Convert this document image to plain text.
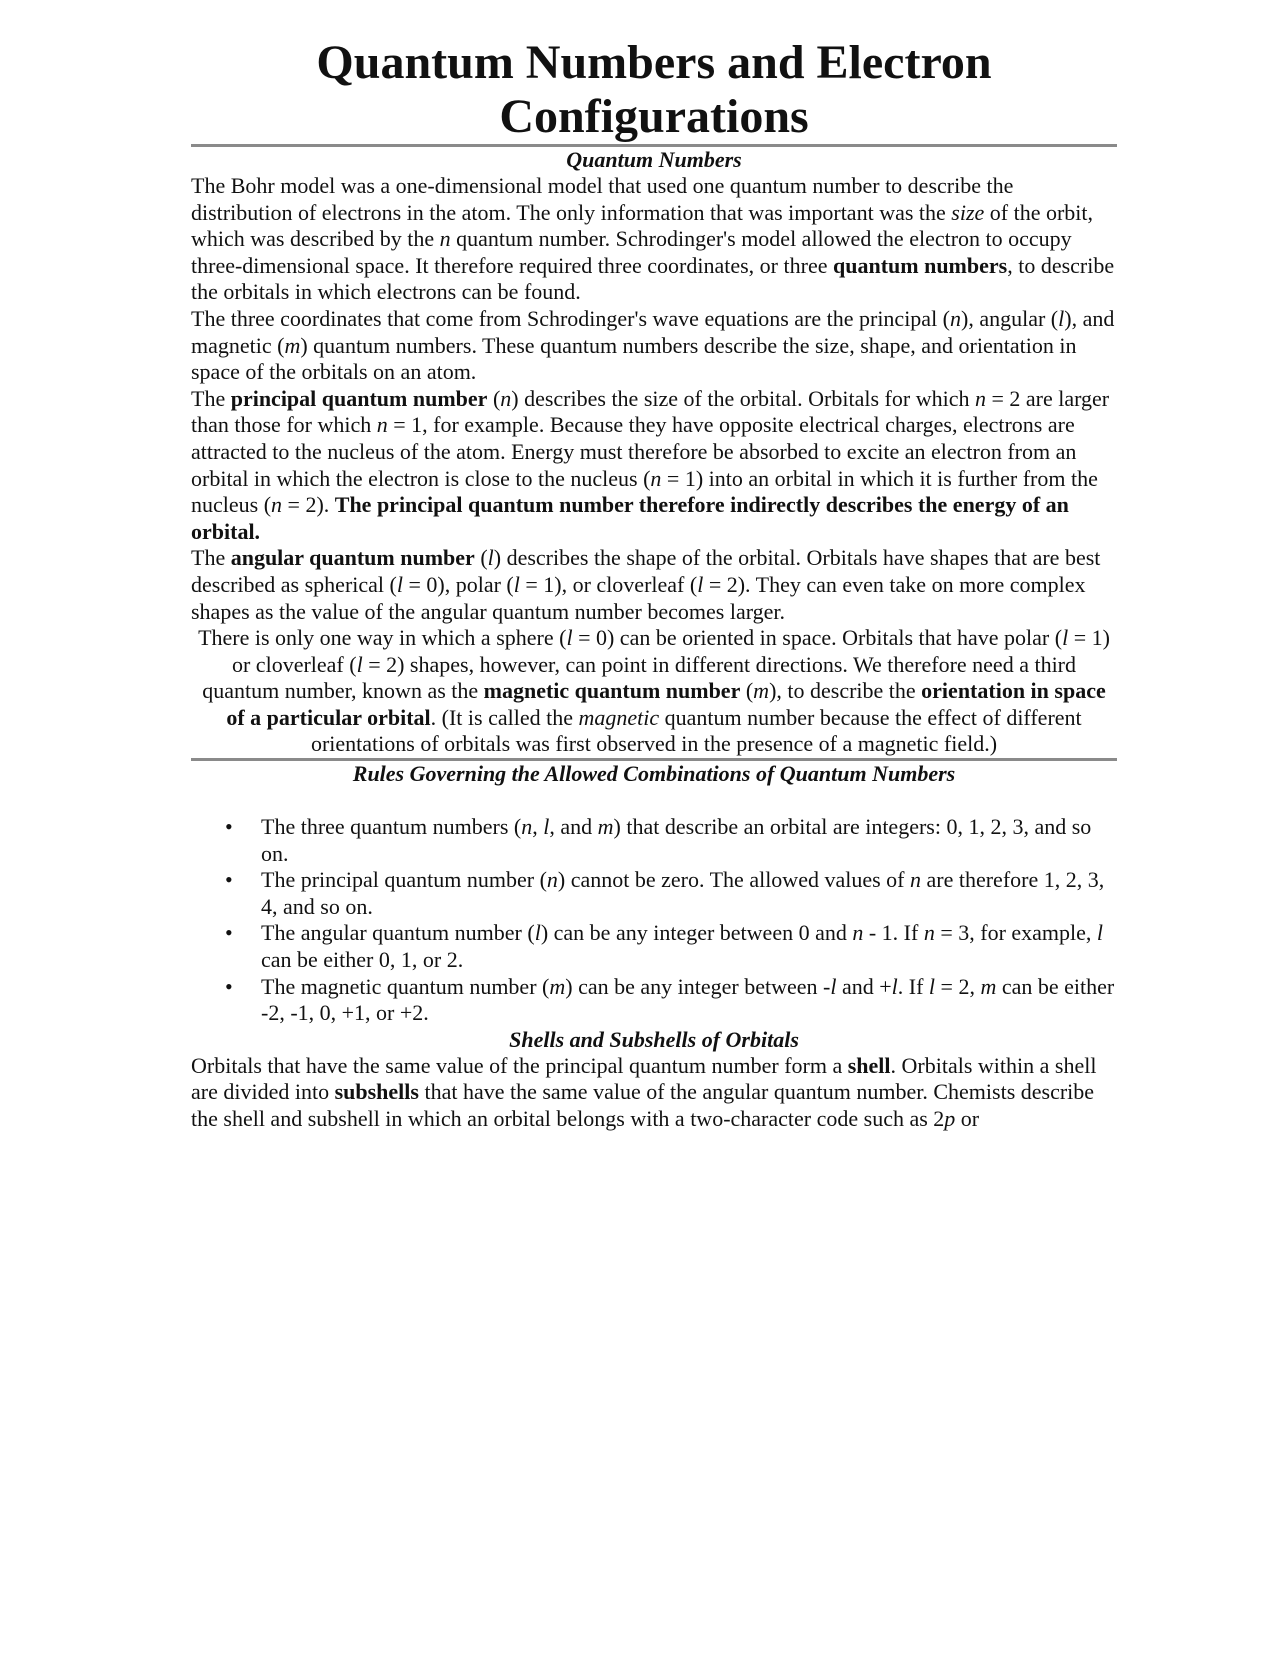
Quantum Numbers and Electron
Configurations
Quantum Numbers

The Bohr model was a one-dimensional model that used one quantum number to describe the distribution of electrons in the atom. The only information that was important was the size of the orbit, which was described by the n quantum number. Schrodinger's model allowed the electron to occupy three-dimensional space. It therefore required three coordinates, or three quantum numbers, to describe the orbitals in which electrons can be found.

The three coordinates that come from Schrodinger's wave equations are the principal (n), angular (l), and magnetic (m) quantum numbers. These quantum numbers describe the size, shape, and orientation in space of the orbitals on an atom.

The principal quantum number (n) describes the size of the orbital. Orbitals for which n = 2 are larger than those for which n = 1, for example. Because they have opposite electrical charges, electrons are attracted to the nucleus of the atom. Energy must therefore be absorbed to excite an electron from an orbital in which the electron is close to the nucleus (n = 1) into an orbital in which it is further from the nucleus (n = 2). The principal quantum number therefore indirectly describes the energy of an orbital.

The angular quantum number (l) describes the shape of the orbital. Orbitals have shapes that are best described as spherical (l = 0), polar (l = 1), or cloverleaf (l = 2). They can even take on more complex shapes as the value of the angular quantum number becomes larger.

There is only one way in which a sphere (l = 0) can be oriented in space. Orbitals that have polar (l = 1) or cloverleaf (l = 2) shapes, however, can point in different directions. We therefore need a third quantum number, known as the magnetic quantum number (m), to describe the orientation in space of a particular orbital. (It is called the magnetic quantum number because the effect of different orientations of orbitals was first observed in the presence of a magnetic field.)

Rules Governing the Allowed Combinations of Quantum Numbers
• The three quantum numbers (n, l, and m) that describe an orbital are integers: 0, 1, 2, 3, and so on.
• The principal quantum number (n) cannot be zero. The allowed values of n are therefore 1, 2, 3, 4, and so on.
• The angular quantum number (l) can be any integer between 0 and n - 1. If n = 3, for example, l can be either 0, 1, or 2.
• The magnetic quantum number (m) can be any integer between -l and +l. If l = 2, m can be either -2, -1, 0, +1, or +2.
Shells and Subshells of Orbitals

Orbitals that have the same value of the principal quantum number form a shell. Orbitals within a shell are divided into subshells that have the same value of the angular quantum number. Chemists describe the shell and subshell in which an orbital belongs with a two-character code such as 2p or
